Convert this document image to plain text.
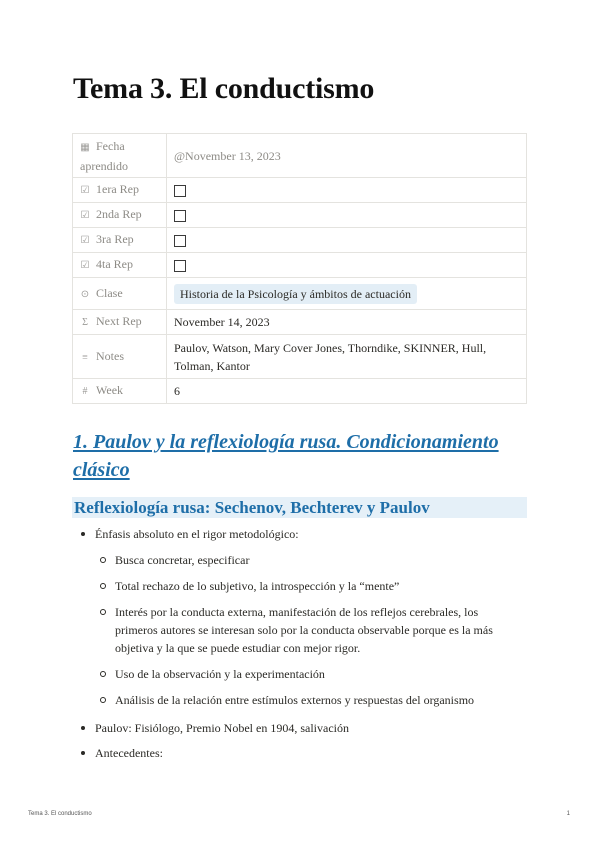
Tema 3. El conductismo
▦ Fecha aprendido	@November 13, 2023
☑ 1era Rep	
☑ 2nda Rep	
☑ 3ra Rep	
☑ 4ta Rep	
⊙ Clase	Historia de la Psicología y ámbitos de actuación
Σ Next Rep	November 14, 2023
≡ Notes	Paulov, Watson, Mary Cover Jones, Thorndike, SKINNER, Hull, Tolman, Kantor
# Week	6
1. Paulov y la reflexiología rusa. Condicionamiento clásico
Reflexiología rusa: Sechenov, Bechterev y Paulov
Énfasis absoluto en el rigor metodológico:
Busca concretar, especificar
Total rechazo de lo subjetivo, la introspección y la “mente”
Interés por la conducta externa, manifestación de los reflejos cerebrales, los primeros autores se interesan solo por la conducta observable porque es la más objetiva y la que se puede estudiar con mejor rigor.
Uso de la observación y la experimentación
Análisis de la relación entre estímulos externos y respuestas del organismo
Paulov: Fisiólogo, Premio Nobel en 1904, salivación
Antecedentes:
Tema 3. El conductismo	1
